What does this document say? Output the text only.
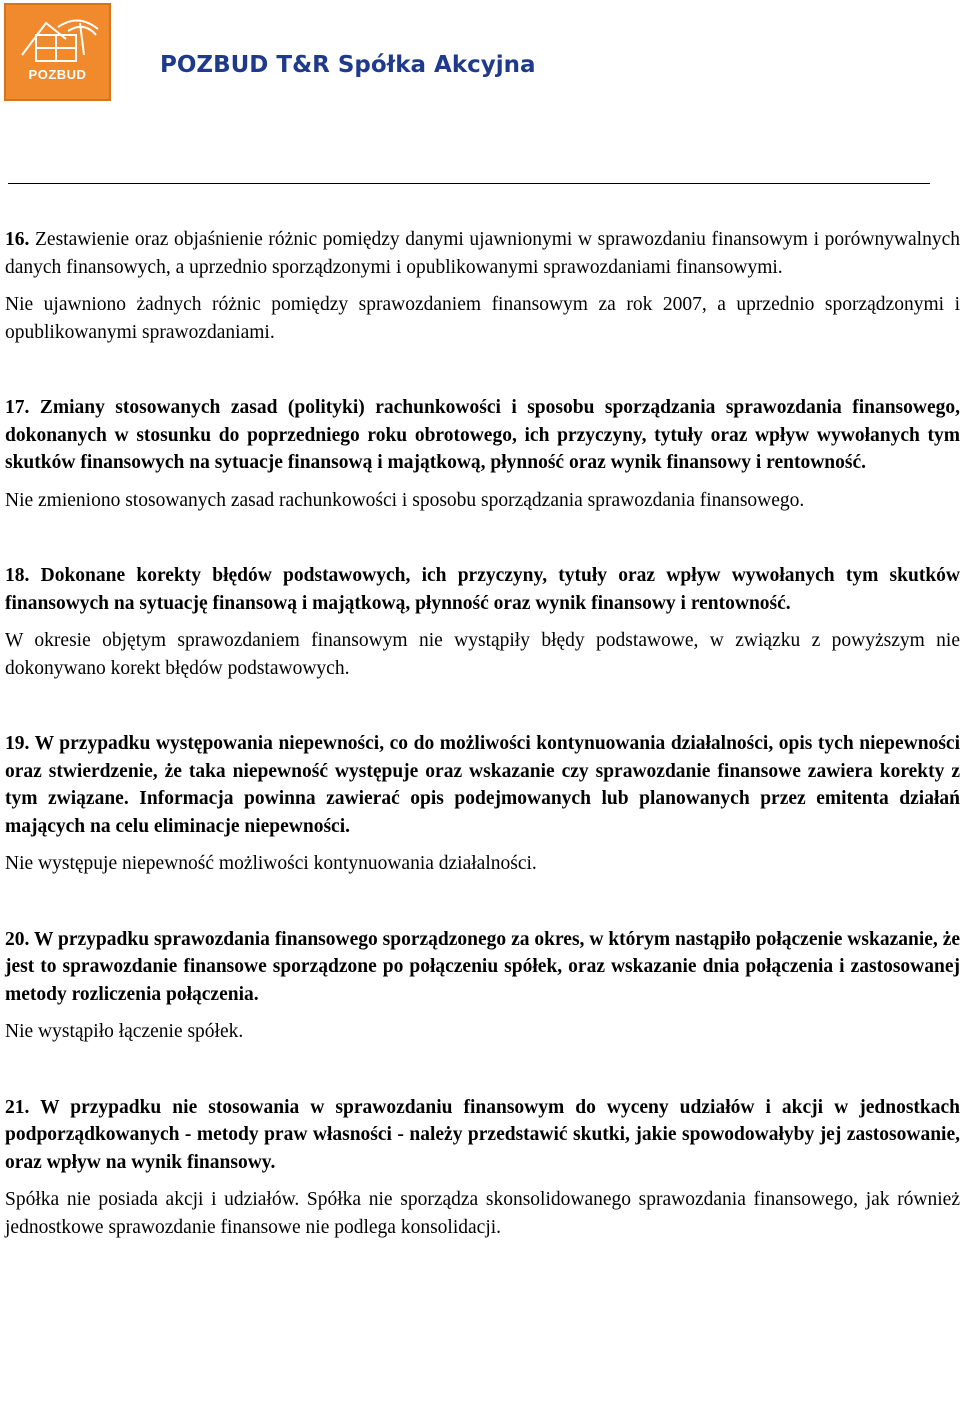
POZBUD	POZBUD T&R Spółka Akcyjna

16. Zestawienie oraz objaśnienie różnic pomiędzy danymi ujawnionymi w sprawozdaniu finansowym i porównywalnych danych finansowych, a uprzednio sporządzonymi i opublikowanymi sprawozdaniami finansowymi.

Nie ujawniono żadnych różnic pomiędzy sprawozdaniem finansowym za rok 2007, a uprzednio sporządzonymi i opublikowanymi sprawozdaniami.

17. Zmiany stosowanych zasad (polityki) rachunkowości i sposobu sporządzania sprawozdania finansowego, dokonanych w stosunku do poprzedniego roku obrotowego, ich przyczyny, tytuły oraz wpływ wywołanych tym skutków finansowych na sytuacje finansową i majątkową, płynność oraz wynik finansowy i rentowność.

Nie zmieniono stosowanych zasad rachunkowości i sposobu sporządzania sprawozdania finansowego.

18. Dokonane korekty błędów podstawowych, ich przyczyny, tytuły oraz wpływ wywołanych tym skutków finansowych na sytuację finansową i majątkową, płynność oraz wynik finansowy i rentowność.

W okresie objętym sprawozdaniem finansowym nie wystąpiły błędy podstawowe, w związku z powyższym nie dokonywano korekt błędów podstawowych.

19. W przypadku występowania niepewności, co do możliwości kontynuowania działalności, opis tych niepewności oraz stwierdzenie, że taka niepewność występuje oraz wskazanie czy sprawozdanie finansowe zawiera korekty z tym związane. Informacja powinna zawierać opis podejmowanych lub planowanych przez emitenta działań mających na celu eliminacje niepewności.

Nie występuje niepewność możliwości kontynuowania działalności.

20. W przypadku sprawozdania finansowego sporządzonego za okres, w którym nastąpiło połączenie wskazanie, że jest to sprawozdanie finansowe sporządzone po połączeniu spółek, oraz wskazanie dnia połączenia i zastosowanej metody rozliczenia połączenia.

Nie wystąpiło łączenie spółek.

21. W przypadku nie stosowania w sprawozdaniu finansowym do wyceny udziałów i akcji w jednostkach podporządkowanych - metody praw własności - należy przedstawić skutki, jakie spowodowałyby jej zastosowanie, oraz wpływ na wynik finansowy.

Spółka nie posiada akcji i udziałów. Spółka nie sporządza skonsolidowanego sprawozdania finansowego, jak również jednostkowe sprawozdanie finansowe nie podlega konsolidacji.
